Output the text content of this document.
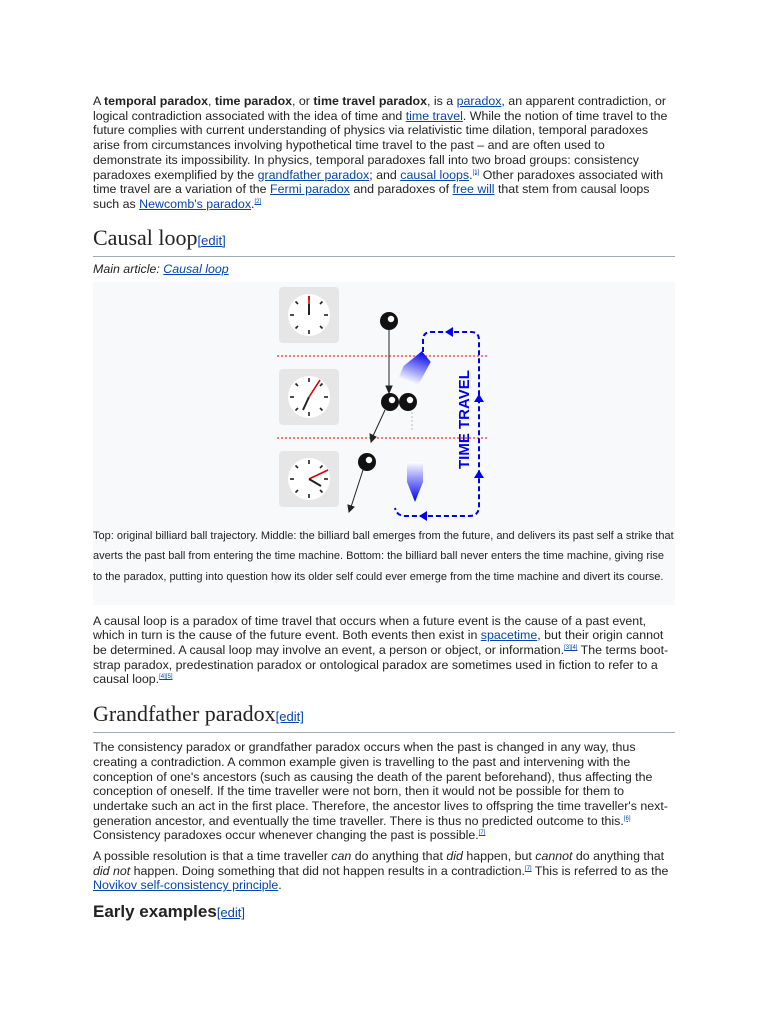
A temporal paradox, time paradox, or time travel paradox, is a paradox, an apparent contradiction, or logical contradiction associated with the idea of time and time travel. While the notion of time travel to the future complies with current understanding of physics via relativistic time dilation, temporal paradoxes arise from circumstances involving hypothetical time travel to the past – and are often used to demonstrate its impossibility. In physics, temporal paradoxes fall into two broad groups: consistency paradoxes exemplified by the grandfather paradox; and causal loops.[1] Other paradoxes associated with time travel are a variation of the Fermi paradox and paradoxes of free will that stem from causal loops such as Newcomb's paradox.[2]

Causal loop[edit]
Main article: Causal loop
TIME TRAVEL
Top: original billiard ball trajectory. Middle: the billiard ball emerges from the future, and delivers its past self a strike that averts the past ball from entering the time machine. Bottom: the billiard ball never enters the time machine, giving rise to the paradox, putting into question how its older self could ever emerge from the time machine and divert its course.

A causal loop is a paradox of time travel that occurs when a future event is the cause of a past event, which in turn is the cause of the future event. Both events then exist in spacetime, but their origin cannot be determined. A causal loop may involve an event, a person or object, or information.[3][4] The terms boot-strap paradox, predestination paradox or ontological paradox are sometimes used in fiction to refer to a causal loop.[4][5]

Grandfather paradox[edit]

The consistency paradox or grandfather paradox occurs when the past is changed in any way, thus creating a contradiction. A common example given is travelling to the past and intervening with the conception of one's ancestors (such as causing the death of the parent beforehand), thus affecting the conception of oneself. If the time traveller were not born, then it would not be possible for them to undertake such an act in the first place. Therefore, the ancestor lives to offspring the time traveller's next-generation ancestor, and eventually the time traveller. There is thus no predicted outcome to this.[6] Consistency paradoxes occur whenever changing the past is possible.[7]

A possible resolution is that a time traveller can do anything that did happen, but cannot do anything that did not happen. Doing something that did not happen results in a contradiction.[7] This is referred to as the Novikov self-consistency principle.

Early examples[edit]
